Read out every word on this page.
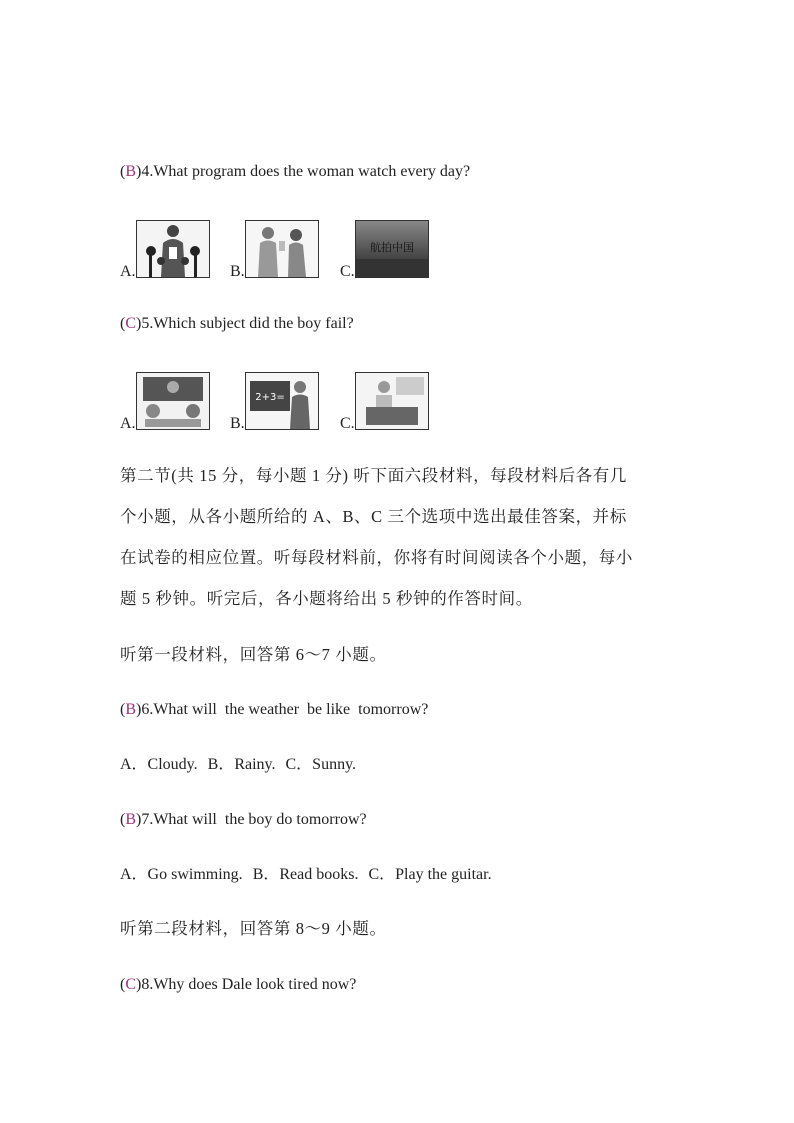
(B)4.What program does the woman watch every day?
A.	B.	C.
航拍中国
(C)5.Which subject did the boy fail?
A.	B.
2+3=
C.
第二节(共 15 分，每小题 1 分) 听下面六段材料，每段材料后各有几
个小题，从各小题所给的 A、B、C 三个选项中选出最佳答案，并标
在试卷的相应位置。听每段材料前，你将有时间阅读各个小题，每小
题 5 秒钟。听完后，各小题将给出 5 秒钟的作答时间。
听第一段材料，回答第 6～7 小题。
(B)6.What will  the weather  be like  tomorrow?
A．Cloudy. B．Rainy. C．Sunny.
(B)7.What will  the boy do tomorrow?
A．Go swimming. B．Read books. C．Play the guitar.
听第二段材料，回答第 8～9 小题。
(C)8.Why does Dale look tired now?
